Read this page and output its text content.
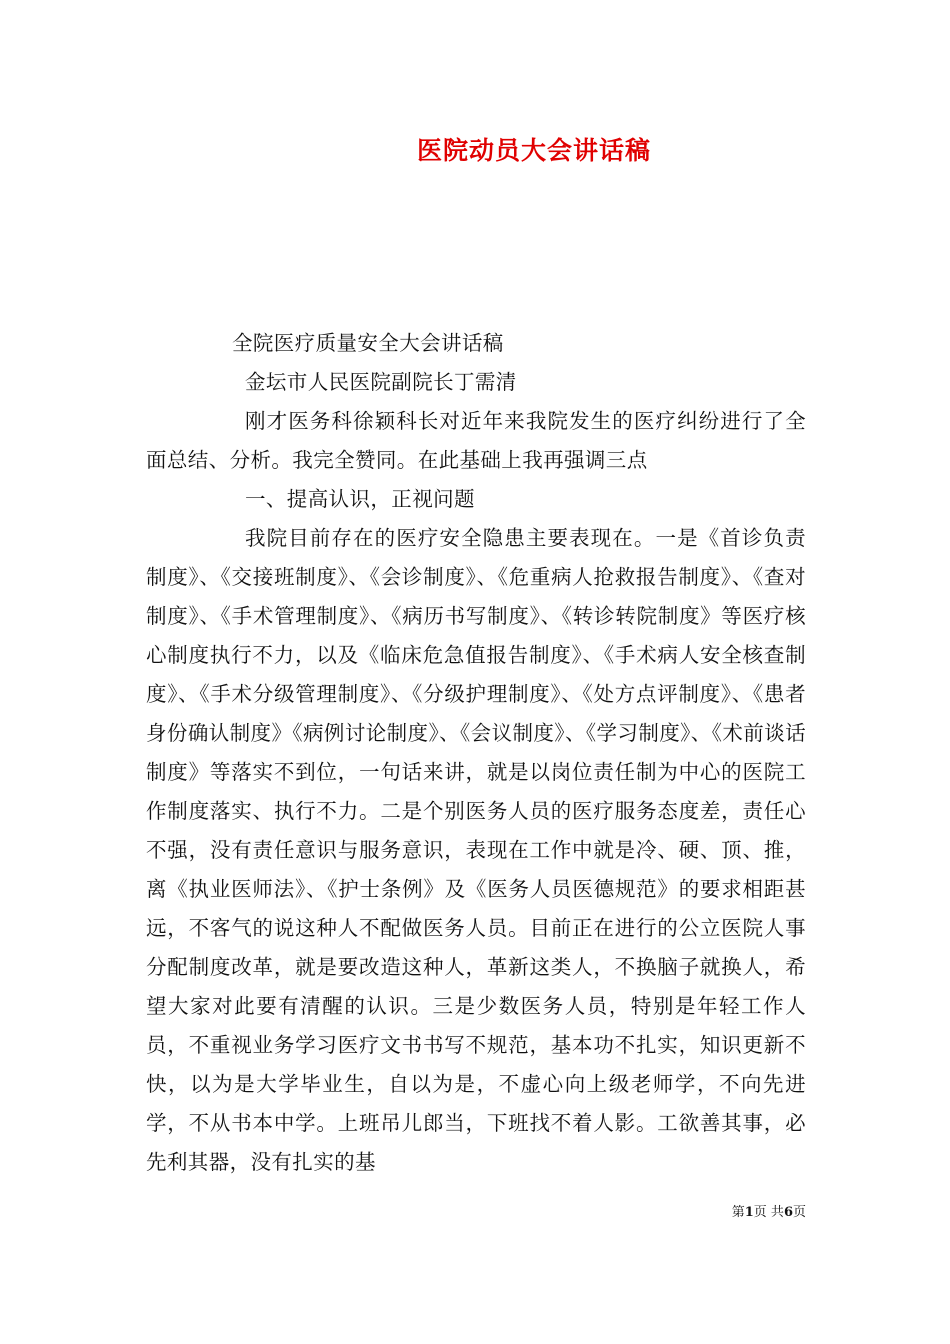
医院动员大会讲话稿

全院医疗质量安全大会讲话稿

金坛市人民医院副院长丁需清

刚才医务科徐颖科长对近年来我院发生的医疗纠纷进行了全面总结、分析。我完全赞同。在此基础上我再强调三点

一、提高认识，正视问题

我院目前存在的医疗安全隐患主要表现在。一是《首诊负责制度》、《交接班制度》、《会诊制度》、《危重病人抢救报告制度》、《查对制度》、《手术管理制度》、《病历书写制度》、《转诊转院制度》等医疗核心制度执行不力，以及《临床危急值报告制度》、《手术病人安全核查制度》、《手术分级管理制度》、《分级护理制度》、《处方点评制度》、《患者身份确认制度》《病例讨论制度》、《会议制度》、《学习制度》、《术前谈话制度》等落实不到位，一句话来讲，就是以岗位责任制为中心的医院工作制度落实、执行不力。二是个别医务人员的医疗服务态度差，责任心不强，没有责任意识与服务意识，表现在工作中就是冷、硬、顶、推，离《执业医师法》、《护士条例》及《医务人员医德规范》的要求相距甚远，不客气的说这种人不配做医务人员。目前正在进行的公立医院人事分配制度改革，就是要改造这种人，革新这类人，不换脑子就换人，希望大家对此要有清醒的认识。三是少数医务人员，特别是年轻工作人员，不重视业务学习医疗文书书写不规范，基本功不扎实，知识更新不快，以为是大学毕业生，自以为是，不虚心向上级老师学，不向先进学，不从书本中学。上班吊儿郎当，下班找不着人影。工欲善其事，必先利其器，没有扎实的基

第1页 共6页
